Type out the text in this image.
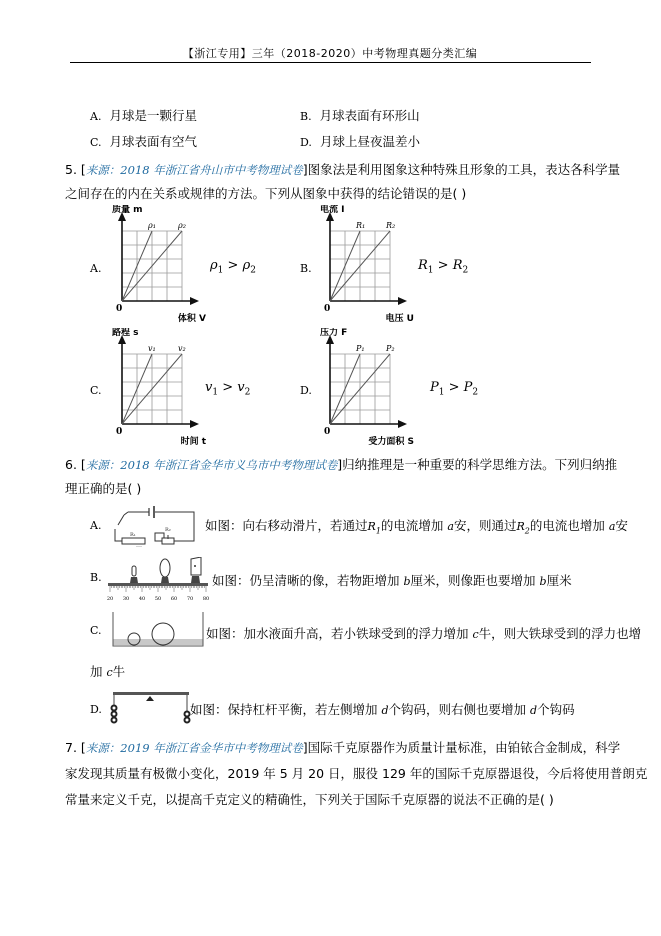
【浙江专用】三年（2018-2020）中考物理真题分类汇编
A. 月球是一颗行星	B. 月球表面有环形山
C. 月球表面有空气	D. 月球上昼夜温差小
5. [来源：2018 年浙江省舟山市中考物理试卷]图象法是利用图象这种特殊且形象的工具，表达各科学量
之间存在的内在关系或规律的方法。下列从图象中获得的结论错误的是( )
A.
ρ₁	ρ₂
质量 m
体积 V
0
$\rho_1 > \rho_2$	B.
R₁	R₂
电流 I
电压 U
0
$R_1 > R_2$
C.
v₁	v₂
路程 s
时间 t
0
$v_1 > v_2$	D.
P₁	P₂
压力 F
受力面积 S
0
$P_1 > P_2$
6. [来源：2018 年浙江省金华市义乌市中考物理试卷]归纳推理是一种重要的科学思维方法。下列归纳推
理正确的是( )
A.
R₁
R₂	如图：向右移动滑片，若通过$R_1$的电流增加 a安，则通过$R_2$的电流也增加 a安
B.
20 30 40 50 60 70 80
如图：仍呈清晰的像，若物距增加 b厘米，则像距也要增加 b厘米
C.	如图：加水液面升高，若小铁球受到的浮力增加 c牛，则大铁球受到的浮力也增
加 c牛
D.	如图：保持杠杆平衡，若左侧增加 d个钩码，则右侧也要增加 d个钩码
7. [来源：2019 年浙江省金华市中考物理试卷]国际千克原器作为质量计量标准，由铂铱合金制成，科学
家发现其质量有极微小变化，2019 年 5 月 20 日，服役 129 年的国际千克原器退役，今后将使用普朗克
常量来定义千克，以提高千克定义的精确性，下列关于国际千克原器的说法不正确的是( )
